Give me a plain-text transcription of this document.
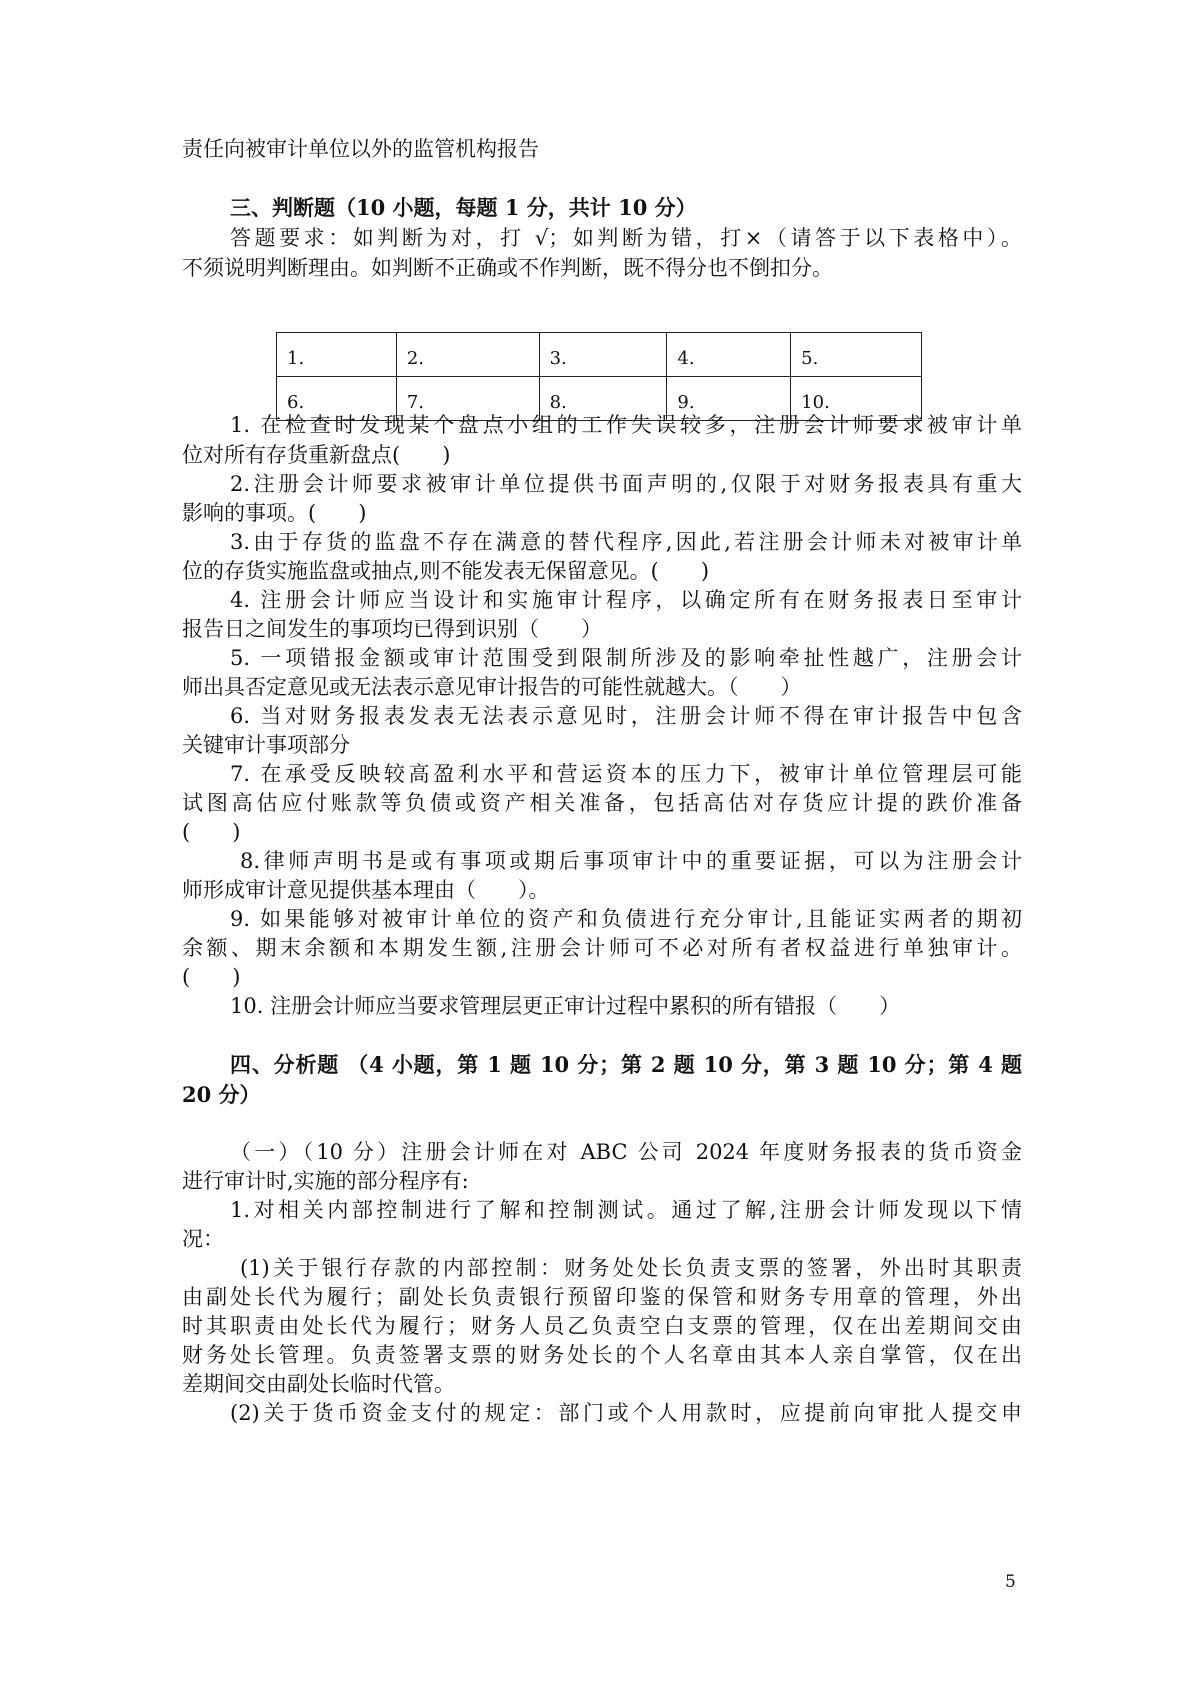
责任向被审计单位以外的监管机构报告
三、判断题（10 小题，每题 1 分，共计 10 分）
答题要求：如判断为对，打 √；如判断为错，打×（请答于以下表格中）。
不须说明判断理由。如判断不正确或不作判断，既不得分也不倒扣分。
1.	2.	3.	4.	5.
6.	7.	8.	9.	10.
1. 在检查时发现某个盘点小组的工作失误较多，注册会计师要求被审计单
位对所有存货重新盘点(　　)
2.注册会计师要求被审计单位提供书面声明的,仅限于对财务报表具有重大
影响的事项。(　　)
3.由于存货的监盘不存在满意的替代程序,因此,若注册会计师未对被审计单
位的存货实施监盘或抽点,则不能发表无保留意见。(　　)
4. 注册会计师应当设计和实施审计程序，以确定所有在财务报表日至审计
报告日之间发生的事项均已得到识别（　　）
5. 一项错报金额或审计范围受到限制所涉及的影响牵扯性越广，注册会计
师出具否定意见或无法表示意见审计报告的可能性就越大。（　　）
6. 当对财务报表发表无法表示意见时，注册会计师不得在审计报告中包含
关键审计事项部分
7. 在承受反映较高盈利水平和营运资本的压力下，被审计单位管理层可能
试图高估应付账款等负债或资产相关准备，包括高估对存货应计提的跌价准备
(　　)
8.律师声明书是或有事项或期后事项审计中的重要证据，可以为注册会计
师形成审计意见提供基本理由（　　）。
9. 如果能够对被审计单位的资产和负债进行充分审计,且能证实两者的期初
余额、期末余额和本期发生额,注册会计师可不必对所有者权益进行单独审计。
(　　)
10. 注册会计师应当要求管理层更正审计过程中累积的所有错报（　　）
四、分析题 （4 小题，第 1 题 10 分；第 2 题 10 分，第 3 题 10 分；第 4 题
20 分）
（一）（10 分）注册会计师在对 ABC 公司 2024 年度财务报表的货币资金
进行审计时,实施的部分程序有:
1.对相关内部控制进行了解和控制测试。通过了解,注册会计师发现以下情
况：
(1)关于银行存款的内部控制：财务处处长负责支票的签署，外出时其职责
由副处长代为履行；副处长负责银行预留印鉴的保管和财务专用章的管理，外出
时其职责由处长代为履行；财务人员乙负责空白支票的管理，仅在出差期间交由
财务处长管理。负责签署支票的财务处长的个人名章由其本人亲自掌管，仅在出
差期间交由副处长临时代管。
(2)关于货币资金支付的规定：部门或个人用款时，应提前向审批人提交申
5
